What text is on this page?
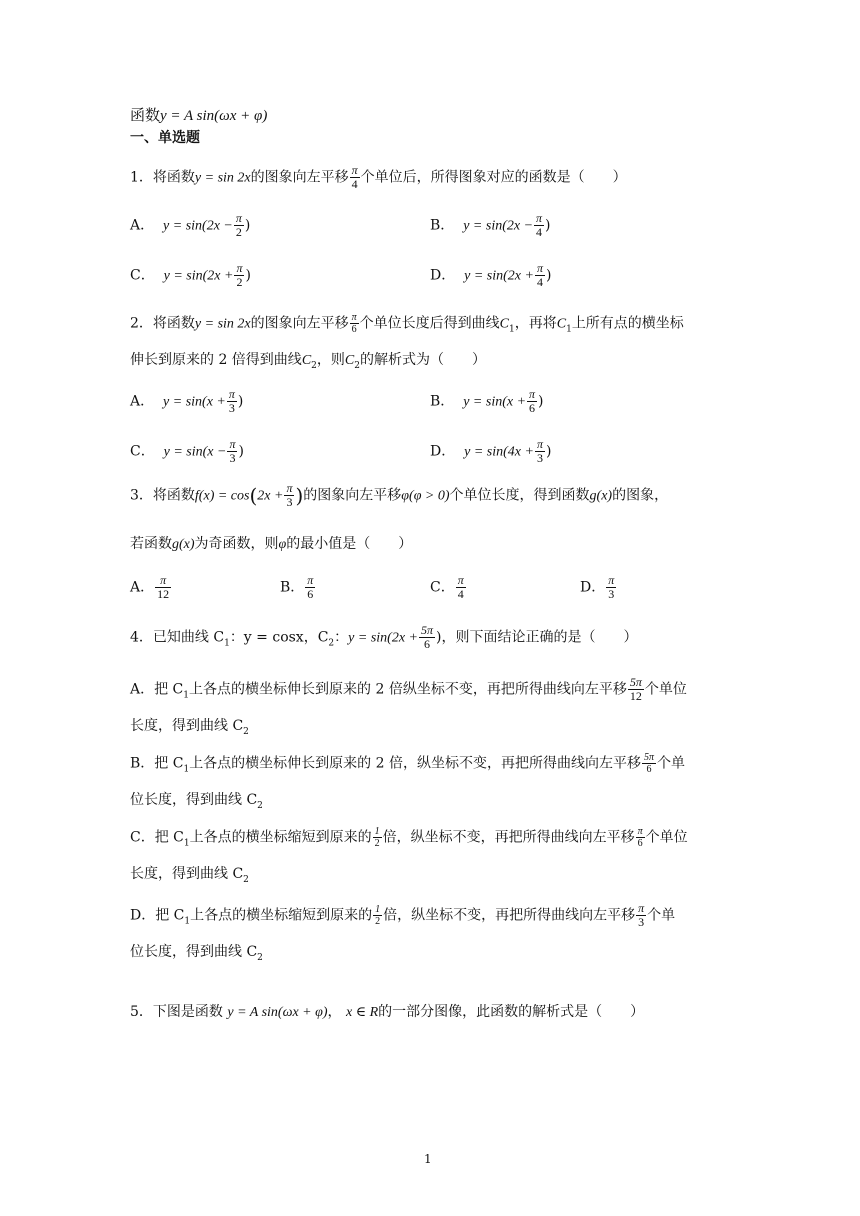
函数y = A sin(ωx + φ)
一、单选题
1．将函数y = sin 2x的图象向左平移 $\frac{\pi}{4}$ 个单位后，所得图象对应的函数是（　　）
A． $y = \sin(2x - \frac{\pi}{2}$ )	B． $y = \sin(2x - \frac{\pi}{4}$ )
C． $y = \sin(2x + \frac{\pi}{2}$ )	D． $y = \sin(2x + \frac{\pi}{4}$ )
2．将函数y = sin 2x的图象向左平移 $\frac{\pi}{6}$ 个单位长度后得到曲线$C_1$，再将$C_1$上所有点的横坐标
伸长到原来的 2 倍得到曲线$C_2$，则$C_2$的解析式为（　　）
A． $y = \sin(x + \frac{\pi}{3}$ )	B． $y = \sin(x + \frac{\pi}{6}$ )
C． $y = \sin(x - \frac{\pi}{3}$ )	D． $y = \sin(4x + \frac{\pi}{3}$ )
3．将函数$f(x) = \cos(2x + \frac{\pi}{3}$ )的图象向左平移φ(φ > 0)个单位长度，得到函数g(x)的图象，
若函数g(x)为奇函数，则φ的最小值是（　　）
A． $\frac{\pi}{12}$	B． $\frac{\pi}{6}$	C． $\frac{\pi}{4}$	D． $\frac{\pi}{3}$
4．已知曲线 $C_1$：y = cosx，$C_2$：$y = \sin(2x + \frac{5\pi}{6}$ )，则下面结论正确的是（　　）
A．把 $C_1$上各点的横坐标伸长到原来的 2 倍纵坐标不变，再把所得曲线向左平移 $\frac{5\pi}{12}$ 个单位
长度，得到曲线 $C_2$
B．把 $C_1$上各点的横坐标伸长到原来的 2 倍，纵坐标不变，再把所得曲线向左平移 $\frac{5\pi}{6}$ 个单
位长度，得到曲线 $C_2$
C．把 $C_1$上各点的横坐标缩短到原来的 $\frac{1}{2}$ 倍，纵坐标不变，再把所得曲线向左平移 $\frac{\pi}{6}$ 个单位
长度，得到曲线 $C_2$
D．把 $C_1$上各点的横坐标缩短到原来的 $\frac{1}{2}$ 倍，纵坐标不变，再把所得曲线向左平移 $\frac{\pi}{3}$ 个单
位长度，得到曲线 $C_2$
5．下图是函数 y = A sin(ωx + φ)， x ∈ R的一部分图像，此函数的解析式是（　　）
1
